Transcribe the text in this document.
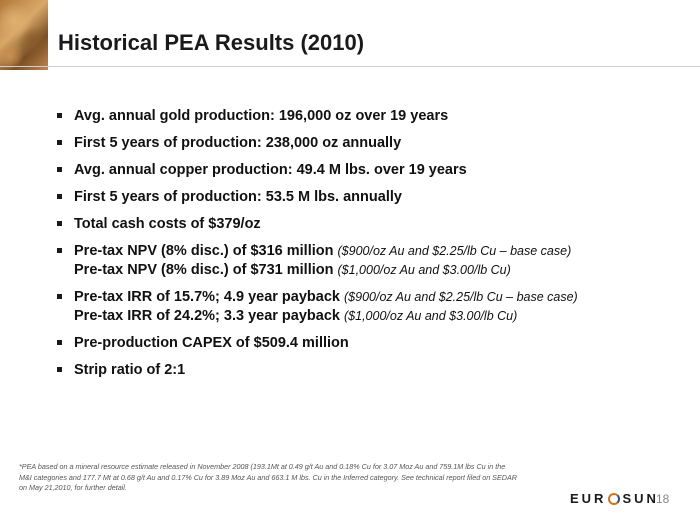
Historical PEA Results (2010)
Avg. annual gold production: 196,000 oz over 19 years
First 5 years of production: 238,000 oz annually
Avg. annual copper production: 49.4 M lbs. over 19 years
First 5 years of production: 53.5 M lbs. annually
Total cash costs of $379/oz
Pre-tax NPV (8% disc.) of $316 million ($900/oz Au and $2.25/lb Cu – base case)
Pre-tax NPV (8% disc.) of $731 million ($1,000/oz Au and $3.00/lb Cu)
Pre-tax IRR of 15.7%; 4.9 year payback ($900/oz Au and $2.25/lb Cu – base case)
Pre-tax IRR of 24.2%; 3.3 year payback ($1,000/oz Au and $3.00/lb Cu)
Pre-production CAPEX of $509.4 million
Strip ratio of 2:1
*PEA based on a mineral resource estimate released in November 2008 (193.1Mt at 0.49 g/t Au and 0.18% Cu for 3.07 Moz Au and 759.1M lbs Cu in the M&I categories and 177.7 Mt at 0.68 g/t Au and 0.17% Cu for 3.89 Moz Au and 663.1 M lbs. Cu in the Inferred category. See technical report filed on SEDAR on May 21,2010, for further detail.
EUR SUN
18
